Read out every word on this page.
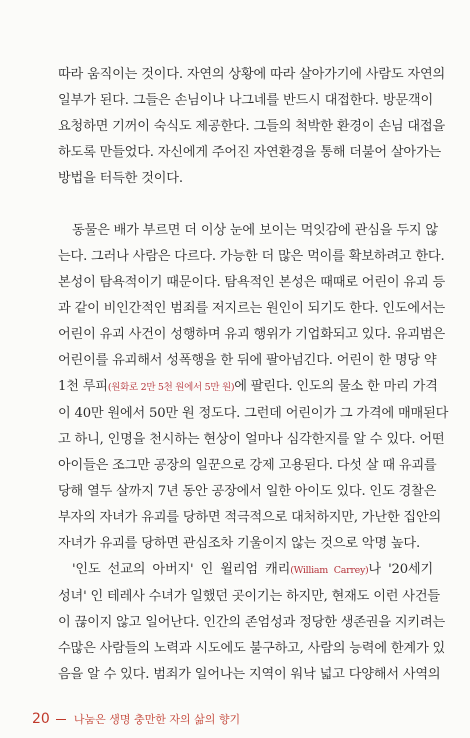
따라 움직이는 것이다. 자연의 상황에 따라 살아가기에 사람도 자연의
일부가 된다. 그들은 손님이나 나그네를 반드시 대접한다. 방문객이
요청하면 기꺼이 숙식도 제공한다. 그들의 척박한 환경이 손님 대접을
하도록 만들었다. 자신에게 주어진 자연환경을 통해 더불어 살아가는
방법을 터득한 것이다.
동물은 배가 부르면 더 이상 눈에 보이는 먹잇감에 관심을 두지 않
는다. 그러나 사람은 다르다. 가능한 더 많은 먹이를 확보하려고 한다.
본성이 탐욕적이기 때문이다. 탐욕적인 본성은 때때로 어린이 유괴 등
과 같이 비인간적인 범죄를 저지르는 원인이 되기도 한다. 인도에서는
어린이 유괴 사건이 성행하며 유괴 행위가 기업화되고 있다. 유괴범은
어린이를 유괴해서 성폭행을 한 뒤에 팔아넘긴다. 어린이 한 명당 약
1천 루피(원화로 2만 5천 원에서 5만 원)에 팔린다. 인도의 물소 한 마리 가격
이 40만 원에서 50만 원 정도다. 그런데 어린이가 그 가격에 매매된다
고 하니, 인명을 천시하는 현상이 얼마나 심각한지를 알 수 있다. 어떤
아이들은 조그만 공장의 일꾼으로 강제 고용된다. 다섯 살 때 유괴를
당해 열두 살까지 7년 동안 공장에서 일한 아이도 있다. 인도 경찰은
부자의 자녀가 유괴를 당하면 적극적으로 대처하지만, 가난한 집안의
자녀가 유괴를 당하면 관심조차 기울이지 않는 것으로 악명 높다.
'인도 선교의 아버지' 인 윌리엄 캐리(William Carrey)나 '20세기
성녀' 인 테레사 수녀가 일했던 곳이기는 하지만, 현재도 이런 사건들
이 끊이지 않고 일어난다. 인간의 존엄성과 정당한 생존권을 지키려는
수많은 사람들의 노력과 시도에도 불구하고, 사람의 능력에 한계가 있
음을 알 수 있다. 범죄가 일어나는 지역이 워낙 넓고 다양해서 사역의
20 나눔은 생명 충만한 자의 삶의 향기
